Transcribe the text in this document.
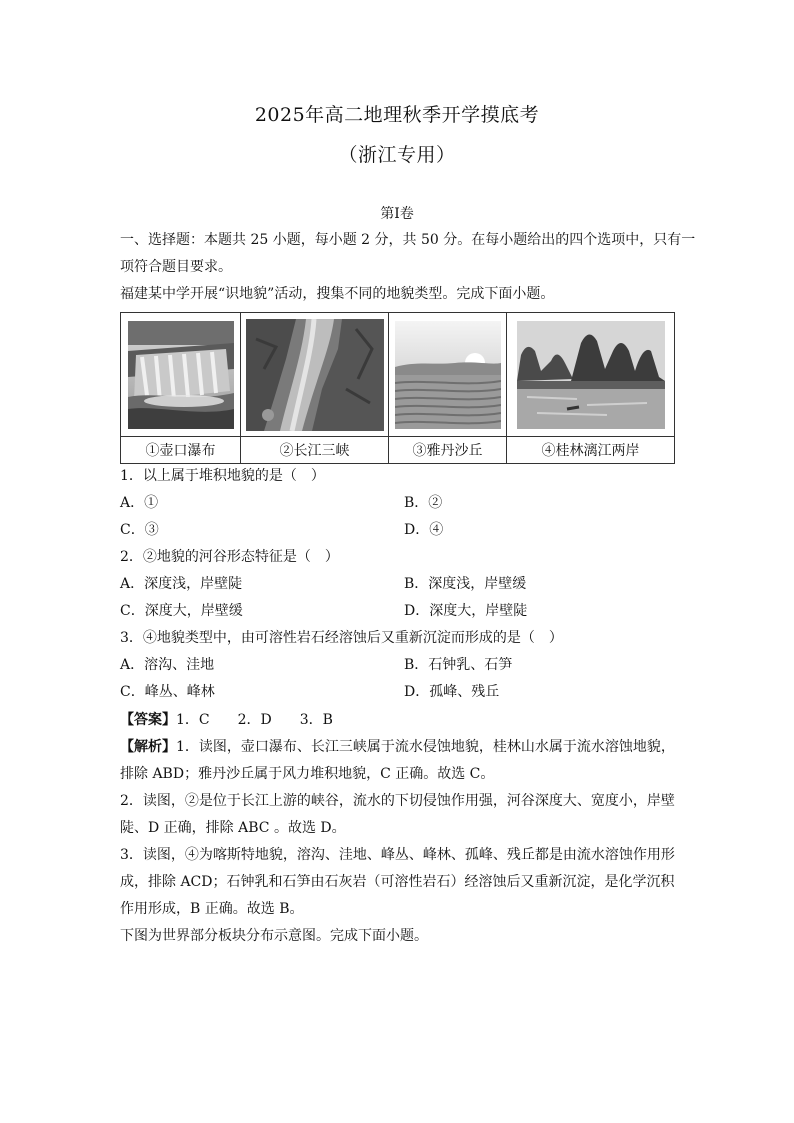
2025年高二地理秋季开学摸底考
（浙江专用）
第Ⅰ卷
一、选择题：本题共 25 小题，每小题 2 分，共 50 分。在每小题给出的四个选项中，只有一
项符合题目要求。
福建某中学开展“识地貌”活动，搜集不同的地貌类型。完成下面小题。

①壶口瀑布	②长江三峡	③雅丹沙丘	④桂林漓江两岸
1．以上属于堆积地貌的是（　）
A．①	B．②
C．③	D．④
2．②地貌的河谷形态特征是（　）
A．深度浅，岸壁陡	B．深度浅，岸壁缓
C．深度大，岸壁缓	D．深度大，岸壁陡
3．④地貌类型中，由可溶性岩石经溶蚀后又重新沉淀而形成的是（　）
A．溶沟、洼地	B．石钟乳、石笋
C．峰丛、峰林	D．孤峰、残丘
【答案】1．C　　2．D　　3．B
【解析】1．读图，壶口瀑布、长江三峡属于流水侵蚀地貌，桂林山水属于流水溶蚀地貌，
排除 ABD；雅丹沙丘属于风力堆积地貌，C 正确。故选 C。
2．读图，②是位于长江上游的峡谷，流水的下切侵蚀作用强，河谷深度大、宽度小，岸壁
陡、D 正确，排除 ABC 。故选 D。
3．读图，④为喀斯特地貌，溶沟、洼地、峰丛、峰林、孤峰、残丘都是由流水溶蚀作用形
成，排除 ACD；石钟乳和石笋由石灰岩（可溶性岩石）经溶蚀后又重新沉淀，是化学沉积
作用形成，B 正确。故选 B。
下图为世界部分板块分布示意图。完成下面小题。
